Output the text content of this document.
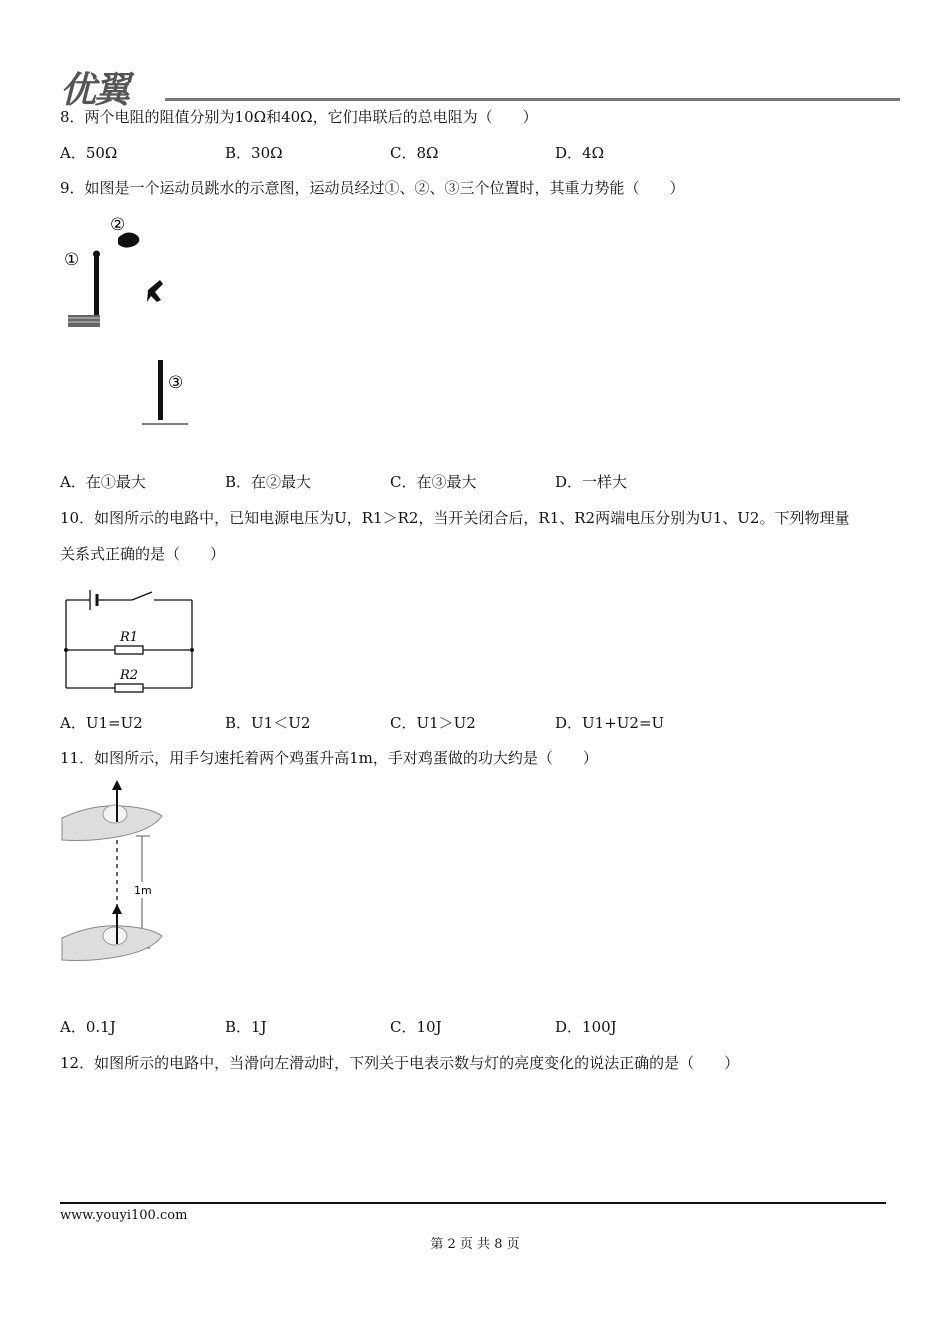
优翼
8．两个电阻的阻值分别为10Ω和40Ω，它们串联后的总电阻为（　　）
A．50Ω	B．30Ω	C．8Ω	D．4Ω
9．如图是一个运动员跳水的示意图，运动员经过①、②、③三个位置时，其重力势能（　　）
①
②
③
A．在①最大	B．在②最大	C．在③最大	D．一样大
10．如图所示的电路中，已知电源电压为U，R1＞R2，当开关闭合后，R1、R2两端电压分别为U1、U2。下列物理量
关系式正确的是（　　）
R1
R2
A．U1=U2	B．U1＜U2	C．U1＞U2	D．U1+U2=U
11．如图所示，用手匀速托着两个鸡蛋升高1m，手对鸡蛋做的功大约是（　　）
1m
A．0.1J	B．1J	C．10J	D．100J
12．如图所示的电路中，当滑向左滑动时，下列关于电表示数与灯的亮度变化的说法正确的是（　　）
www.youyi100.com
第 2 页 共 8 页
